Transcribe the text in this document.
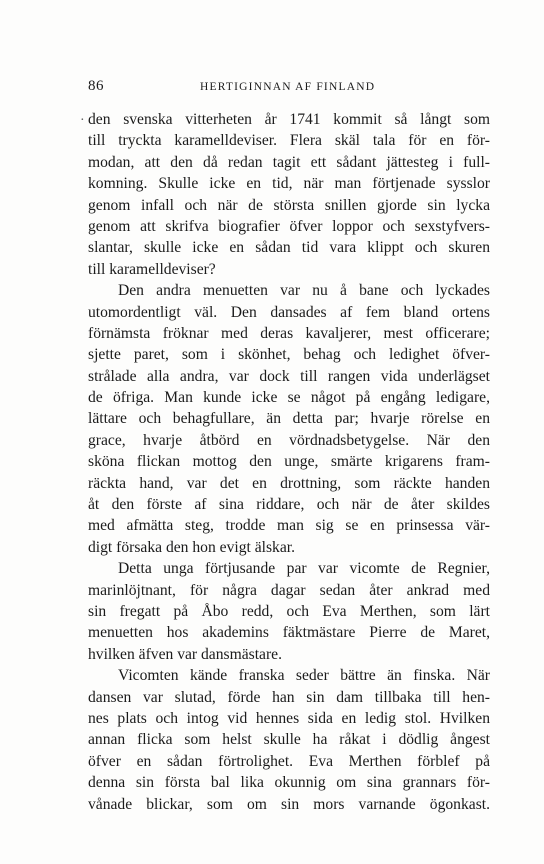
86	HERTIGINNAN AF FINLAND
· den svenska vitterheten år 1741 kommit så långt som
till tryckta karamelldeviser. Flera skäl tala för en för-
modan, att den då redan tagit ett sådant jättesteg i full-
komning. Skulle icke en tid, när man förtjenade sysslor
genom infall och när de största snillen gjorde sin lycka
genom att skrifva biografier öfver loppor och sexstyfvers-
slantar, skulle icke en sådan tid vara klippt och skuren
till karamelldeviser?
Den andra menuetten var nu å bane och lyckades
utomordentligt väl. Den dansades af fem bland ortens
förnämsta fröknar med deras kavaljerer, mest officerare;
sjette paret, som i skönhet, behag och ledighet öfver-
strålade alla andra, var dock till rangen vida underlägset
de öfriga. Man kunde icke se något på engång ledigare,
lättare och behagfullare, än detta par; hvarje rörelse en
grace, hvarje åtbörd en vördnadsbetygelse. När den
sköna flickan mottog den unge, smärte krigarens fram-
räckta hand, var det en drottning, som räckte handen
åt den förste af sina riddare, och när de åter skildes
med afmätta steg, trodde man sig se en prinsessa vär-
digt försaka den hon evigt älskar.
Detta unga förtjusande par var vicomte de Regnier,
marinlöjtnant, för några dagar sedan åter ankrad med
sin fregatt på Åbo redd, och Eva Merthen, som lärt
menuetten hos akademins fäktmästare Pierre de Maret,
hvilken äfven var dansmästare.
Vicomten kände franska seder bättre än finska. När
dansen var slutad, förde han sin dam tillbaka till hen-
nes plats och intog vid hennes sida en ledig stol. Hvilken
annan flicka som helst skulle ha råkat i dödlig ångest
öfver en sådan förtrolighet. Eva Merthen förblef på
denna sin första bal lika okunnig om sina grannars för-
vånade blickar, som om sin mors varnande ögonkast.
